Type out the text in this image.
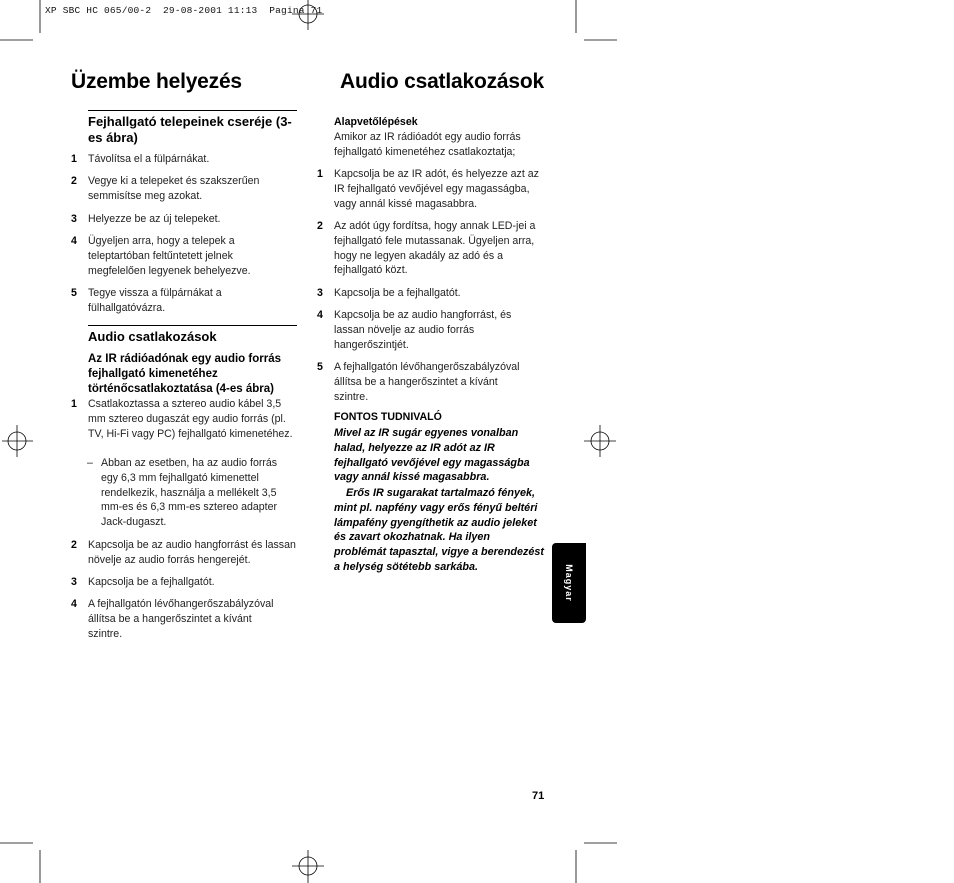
XP SBC HC 065/00-2  29-08-2001 11:13  Pagina 71
Üzembe helyezés
Fejhallgató telepeinek cseréje (3-es ábra)
1 Távolítsa el a fülpárnákat.
2 Vegye ki a telepeket és szakszerűen semmisítse meg azokat.
3 Helyezze be az új telepeket.
4 Ügyeljen arra, hogy a telepek a teleptartóban feltűntetett jelnek megfelelően legyenek behelyezve.
5 Tegye vissza a fülpárnákat a fülhallgatóvázra.
Audio csatlakozások
Az IR rádióadónak egy audio forrás fejhallgató kimenetéhez történőcsatlakoztatása (4-es ábra)
1 Csatlakoztassa a sztereo audio kábel 3,5 mm sztereo dugaszát egy audio forrás (pl. TV, Hi-Fi vagy PC) fejhallgató kimenetéhez.
– Abban az esetben, ha az audio forrás egy 6,3 mm fejhallgató kimenettel rendelkezik, használja a mellékelt 3,5 mm-es és 6,3 mm-es sztereo adapter Jack-dugaszt.
2 Kapcsolja be az audio hangforrást és lassan növelje az audio forrás hengerejét.
3 Kapcsolja be a fejhallgatót.
4 A fejhallgatón lévőhangerőszabályzóval állítsa be a hangerőszintet a kívánt szintre.
Audio csatlakozások
Alapvetőlépések
Amikor az IR rádióadót egy audio forrás fejhallgató kimenetéhez csatlakoztatja;
1 Kapcsolja be az IR adót, és helyezze azt az IR fejhallgató vevőjével egy magasságba, vagy annál kissé magasabbra.
2 Az adót úgy fordítsa, hogy annak LED-jei a fejhallgató fele mutassanak. Ügyeljen arra, hogy ne legyen akadály az adó és a fejhallgató közt.
3 Kapcsolja be a fejhallgatót.
4 Kapcsolja be az audio hangforrást, és lassan növelje az audio forrás hangerőszintjét.
5 A fejhallgatón lévőhangerőszabályzóval állítsa be a hangerőszintet a kívánt szintre.
FONTOS TUDNIVALÓ
Mivel az IR sugár egyenes vonalban halad, helyezze az IR adót az IR fejhallgató vevőjével egy magasságba vagy annál kissé magasabbra.
Erős IR sugarakat tartalmazó fények, mint pl. napfény vagy erős fényű beltéri lámpafény gyengíthetik az audio jeleket és zavart okozhatnak. Ha ilyen problémát tapasztal, vigye a berendezést a helység sötétebb sarkába.	Magyar
71
